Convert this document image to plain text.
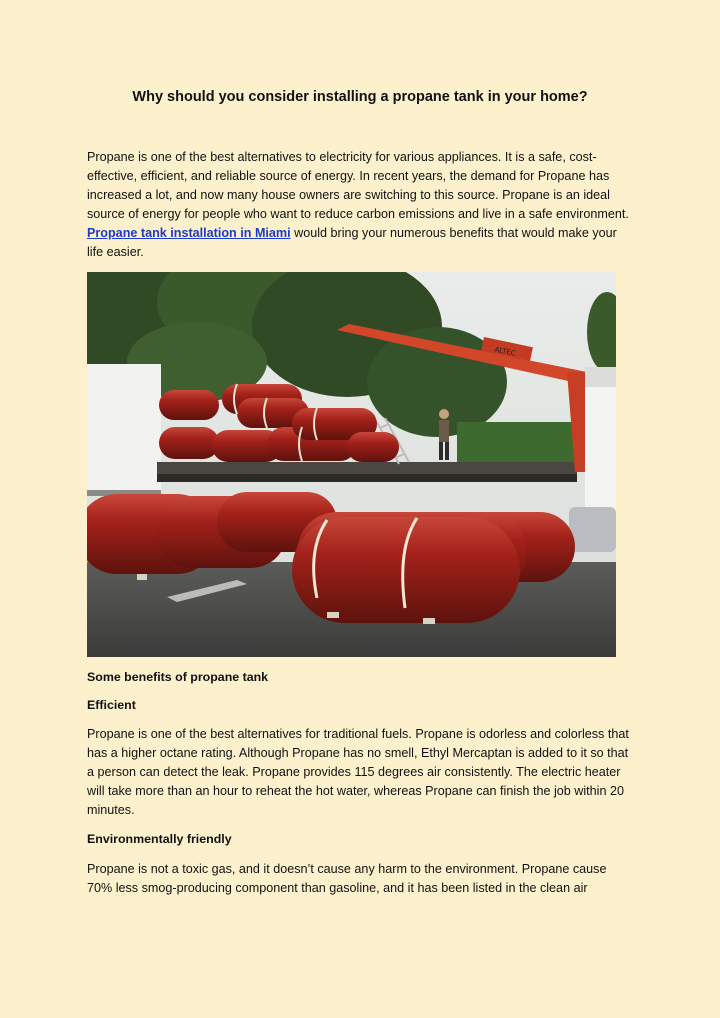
Why should you consider installing a propane tank in your home?

Propane is one of the best alternatives to electricity for various appliances. It is a safe, cost-effective, efficient, and reliable source of energy. In recent years, the demand for Propane has increased a lot, and now many house owners are switching to this source. Propane is an ideal source of energy for people who want to reduce carbon emissions and live in a safe environment. Propane tank installation in Miami would bring your numerous benefits that would make your life easier.

ALTEC

Some benefits of propane tank

Efficient

Propane is one of the best alternatives for traditional fuels. Propane is odorless and colorless that has a higher octane rating. Although Propane has no smell, Ethyl Mercaptan is added to it so that a person can detect the leak. Propane provides 115 degrees air consistently. The electric heater will take more than an hour to reheat the hot water, whereas Propane can finish the job within 20 minutes.

Environmentally friendly

Propane is not a toxic gas, and it doesn’t cause any harm to the environment. Propane cause 70% less smog-producing component than gasoline, and it has been listed in the clean air
